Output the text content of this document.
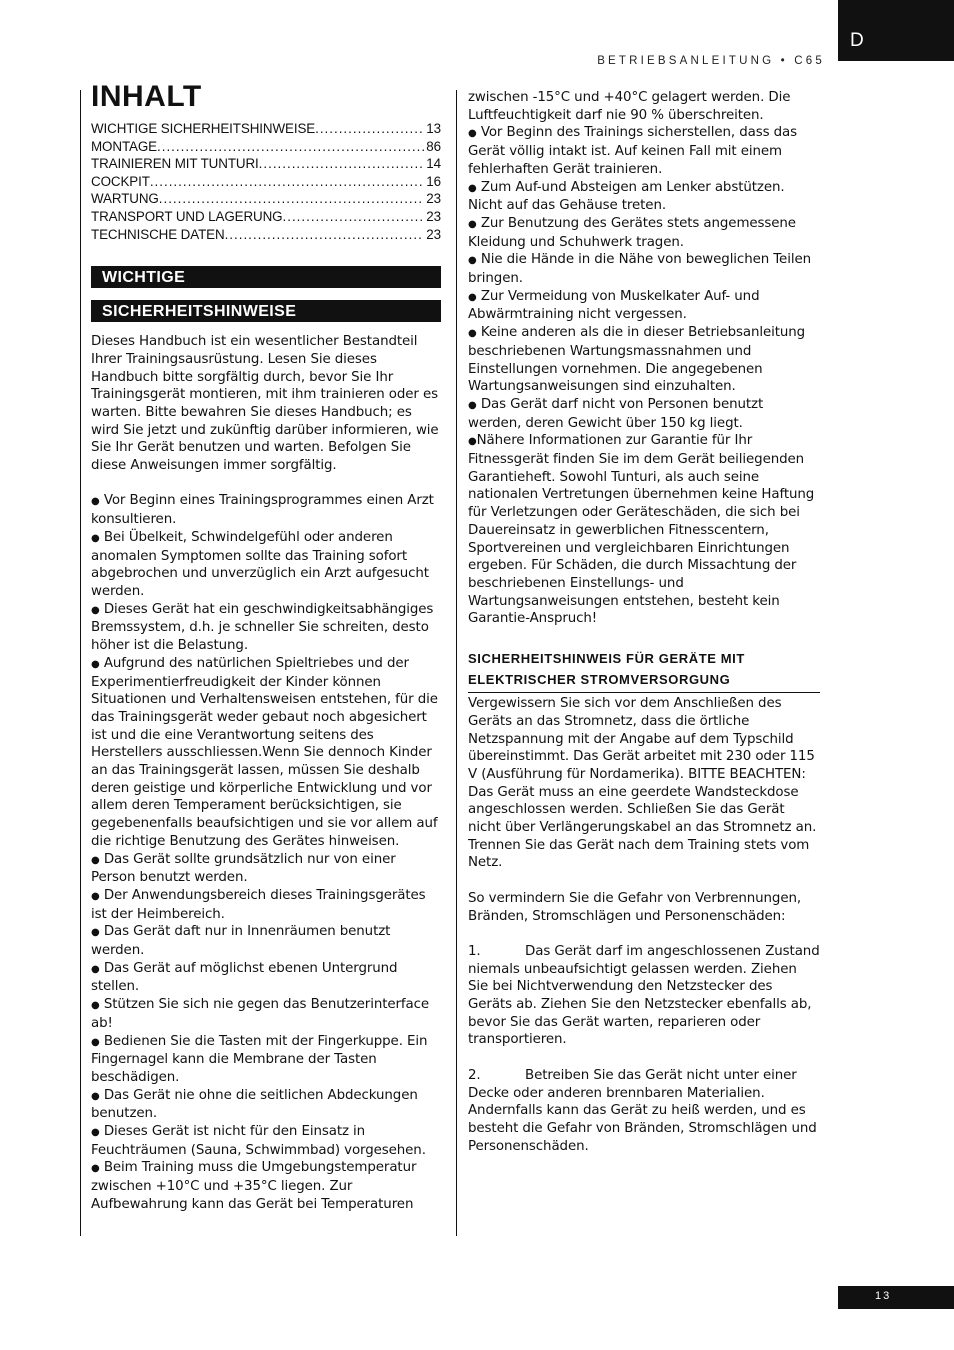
D
BETRIEBSANLEITUNG • C65
INHALT
WICHTIGE SICHERHEITSHINWEISE .....	13
MONTAGE .....	86
TRAINIEREN MIT TUNTURI .....	14
COCKPIT .....	16
WARTUNG .....	23
TRANSPORT UND LAGERUNG .....	23
TECHNISCHE DATEN .....	23
WICHTIGE
SICHERHEITSHINWEISE

Dieses Handbuch ist ein wesentlicher Bestandteil Ihrer Trainingsausrüstung. Lesen Sie dieses Handbuch bitte sorgfältig durch, bevor Sie Ihr Trainingsgerät montieren, mit ihm trainieren oder es warten. Bitte bewahren Sie dieses Handbuch; es wird Sie jetzt und zukünftig darüber informieren, wie Sie Ihr Gerät benutzen und warten. Befolgen Sie diese Anweisungen immer sorgfältig.

● Vor Beginn eines Trainingsprogrammes einen Arzt konsultieren.

● Bei Übelkeit, Schwindelgefühl oder anderen anomalen Symptomen sollte das Training sofort abgebrochen und unverzüglich ein Arzt aufgesucht werden.

● Dieses Gerät hat ein geschwindigkeitsabhängiges Bremssystem, d.h. je schneller Sie schreiten, desto höher ist die Belastung.

● Aufgrund des natürlichen Spieltriebes und der Experimentierfreudigkeit der Kinder können Situationen und Verhaltensweisen entstehen, für die das Trainingsgerät weder gebaut noch abgesichert ist und die eine Verantwortung seitens des Herstellers ausschliessen.Wenn Sie dennoch Kinder an das Trainingsgerät lassen, müssen Sie deshalb deren geistige und körperliche Entwicklung und vor allem deren Temperament berücksichtigen, sie gegebenenfalls beaufsichtigen und sie vor allem auf die richtige Benutzung des Gerätes hinweisen.

● Das Gerät sollte grundsätzlich nur von einer Person benutzt werden.

● Der Anwendungsbereich dieses Trainingsgerätes ist der Heimbereich.

● Das Gerät daft nur in Innenräumen benutzt werden.

● Das Gerät auf möglichst ebenen Untergrund stellen.

● Stützen Sie sich nie gegen das Benutzerinterface ab!

● Bedienen Sie die Tasten mit der Fingerkuppe. Ein Fingernagel kann die Membrane der Tasten beschädigen.

● Das Gerät nie ohne die seitlichen Abdeckungen benutzen.

● Dieses Gerät ist nicht für den Einsatz in Feuchträumen (Sauna, Schwimmbad) vorgesehen.

● Beim Training muss die Umgebungstemperatur zwischen +10°C und +35°C liegen. Zur Aufbewahrung kann das Gerät bei Temperaturen

zwischen -15°C und +40°C gelagert werden. Die Luftfeuchtigkeit darf nie 90 % überschreiten.

● Vor Beginn des Trainings sicherstellen, dass das Gerät völlig intakt ist. Auf keinen Fall mit einem fehlerhaften Gerät trainieren.

● Zum Auf-und Absteigen am Lenker abstützen. Nicht auf das Gehäuse treten.

● Zur Benutzung des Gerätes stets angemessene Kleidung und Schuhwerk tragen.

● Nie die Hände in die Nähe von beweglichen Teilen bringen.

● Zur Vermeidung von Muskelkater Auf- und Abwärmtraining nicht vergessen.

● Keine anderen als die in dieser Betriebsanleitung beschriebenen Wartungsmassnahmen und Einstellungen vornehmen. Die angegebenen Wartungsanweisungen sind einzuhalten.

● Das Gerät darf nicht von Personen benutzt werden, deren Gewicht über 150 kg liegt.

●Nähere Informationen zur Garantie für Ihr Fitnessgerät finden Sie im dem Gerät beiliegenden Garantieheft. Sowohl Tunturi, als auch seine nationalen Vertretungen übernehmen keine Haftung für Verletzungen oder Geräteschäden, die sich bei Dauereinsatz in gewerblichen Fitnesscentern, Sportvereinen und vergleichbaren Einrichtungen ergeben. Für Schäden, die durch Missachtung der beschriebenen Einstellungs- und Wartungsanweisungen entstehen, besteht kein Garantie-Anspruch!

SICHERHEITSHINWEIS FÜR GERÄTE MIT
ELEKTRISCHER STROMVERSORGUNG

Vergewissern Sie sich vor dem Anschließen des Geräts an das Stromnetz, dass die örtliche Netzspannung mit der Angabe auf dem Typschild übereinstimmt. Das Gerät arbeitet mit 230 oder 115 V (Ausführung für Nordamerika). BITTE BEACHTEN: Das Gerät muss an eine geerdete Wandsteckdose angeschlossen werden. Schließen Sie das Gerät nicht über Verlängerungskabel an das Stromnetz an. Trennen Sie das Gerät nach dem Training stets vom Netz.

So vermindern Sie die Gefahr von Verbrennungen, Bränden, Stromschlägen und Personenschäden:

1.	Das Gerät darf im angeschlossenen Zustand niemals unbeaufsichtigt gelassen werden. Ziehen Sie bei Nichtverwendung den Netzstecker des Geräts ab. Ziehen Sie den Netzstecker ebenfalls ab, bevor Sie das Gerät warten, reparieren oder transportieren.

2.	Betreiben Sie das Gerät nicht unter einer Decke oder anderen brennbaren Materialien. Andernfalls kann das Gerät zu heiß werden, und es besteht die Gefahr von Bränden, Stromschlägen und Personenschäden.

13
